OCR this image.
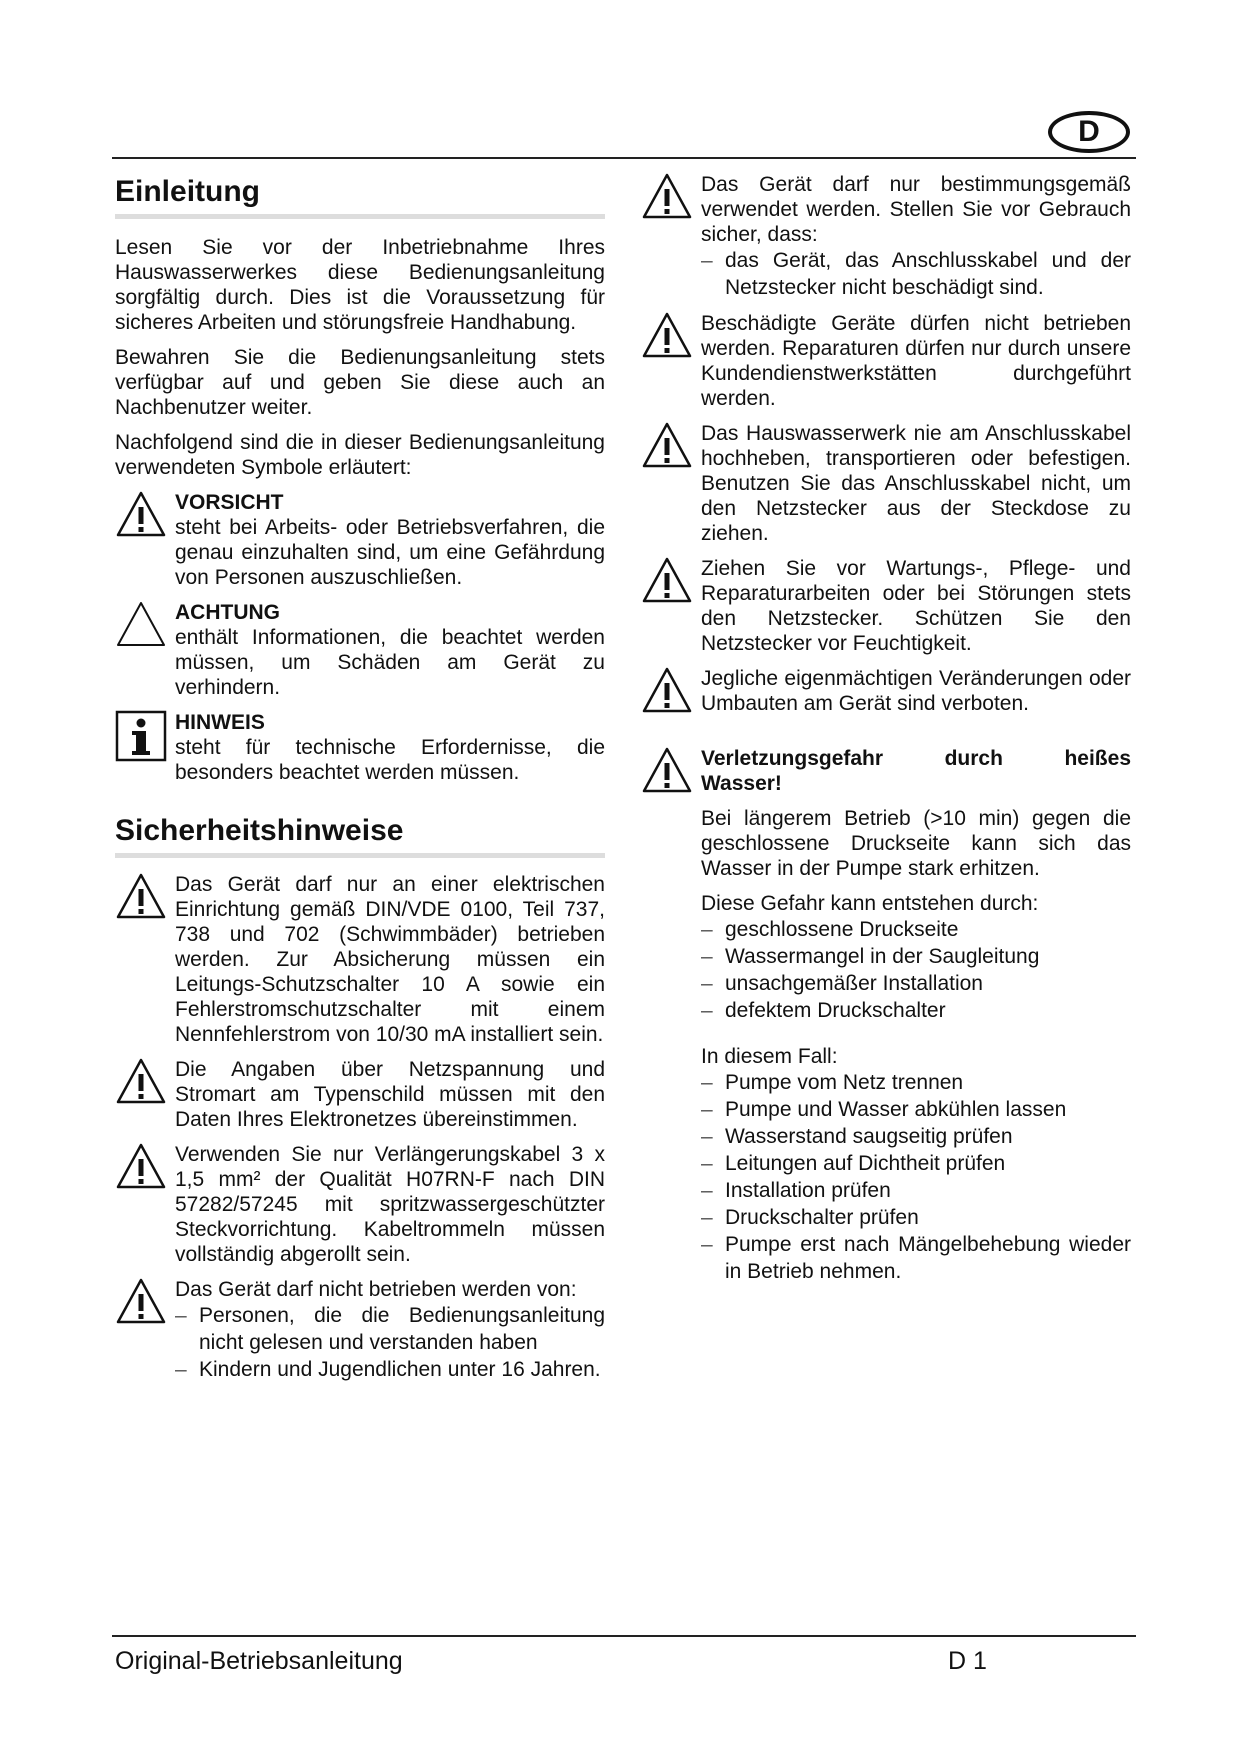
D
Einleitung

Lesen Sie vor der Inbetriebnahme Ihres Hauswasserwerkes diese Bedienungsanleitung sorgfältig durch. Dies ist die Voraussetzung für sicheres Arbeiten und störungsfreie Handhabung.

Bewahren Sie die Bedienungsanleitung stets verfügbar auf und geben Sie diese auch an Nachbenutzer weiter.

Nachfolgend sind die in dieser Bedienungsanleitung verwendeten Symbole erläutert:

VORSICHT
steht bei Arbeits- oder Betriebsverfahren, die genau einzuhalten sind, um eine Gefährdung von Personen auszuschließen.
ACHTUNG
enthält Informationen, die beachtet werden müssen, um Schäden am Gerät zu verhindern.
HINWEIS
steht für technische Erfordernisse, die besonders beachtet werden müssen.
Sicherheitshinweise
Das Gerät darf nur an einer elektrischen Einrichtung gemäß DIN/VDE 0100, Teil 737, 738 und 702 (Schwimmbäder) betrieben werden. Zur Absicherung müssen ein Leitungs-Schutzschalter 10 A sowie ein Fehlerstromschutzschalter mit einem Nennfehlerstrom von 10/30 mA installiert sein.
Die Angaben über Netzspannung und Stromart am Typenschild müssen mit den Daten Ihres Elektronetzes übereinstimmen.
Verwenden Sie nur Verlängerungskabel 3 x 1,5 mm² der Qualität H07RN-F nach DIN 57282/57245 mit spritzwassergeschützter Steckvorrichtung. Kabeltrommeln müssen vollständig abgerollt sein.
Das Gerät darf nicht betrieben werden von:
– Personen, die die Bedienungsanleitung nicht gelesen und verstanden haben
– Kindern und Jugendlichen unter 16 Jahren.
Das Gerät darf nur bestimmungsgemäß verwendet werden. Stellen Sie vor Gebrauch sicher, dass:
– das Gerät, das Anschlusskabel und der Netzstecker nicht beschädigt sind.
Beschädigte Geräte dürfen nicht betrieben werden. Reparaturen dürfen nur durch unsere Kundendienstwerkstätten durchgeführt werden.
Das Hauswasserwerk nie am Anschlusskabel hochheben, transportieren oder befestigen. Benutzen Sie das Anschlusskabel nicht, um den Netzstecker aus der Steckdose zu ziehen.
Ziehen Sie vor Wartungs-, Pflege- und Reparaturarbeiten oder bei Störungen stets den Netzstecker. Schützen Sie den Netzstecker vor Feuchtigkeit.
Jegliche eigenmächtigen Veränderungen oder Umbauten am Gerät sind verboten.
Verletzungsgefahr	durch	heißes
Wasser!

Bei längerem Betrieb (>10 min) gegen die geschlossene Druckseite kann sich das Wasser in der Pumpe stark erhitzen.

Diese Gefahr kann entstehen durch:
– geschlossene Druckseite
– Wassermangel in der Saugleitung
– unsachgemäßer Installation
– defektem Druckschalter
In diesem Fall:
– Pumpe vom Netz trennen
– Pumpe und Wasser abkühlen lassen
– Wasserstand saugseitig prüfen
– Leitungen auf Dichtheit prüfen
– Installation prüfen
– Druckschalter prüfen
– Pumpe erst nach Mängelbehebung wieder in Betrieb nehmen.
Original-Betriebsanleitung	D 1
